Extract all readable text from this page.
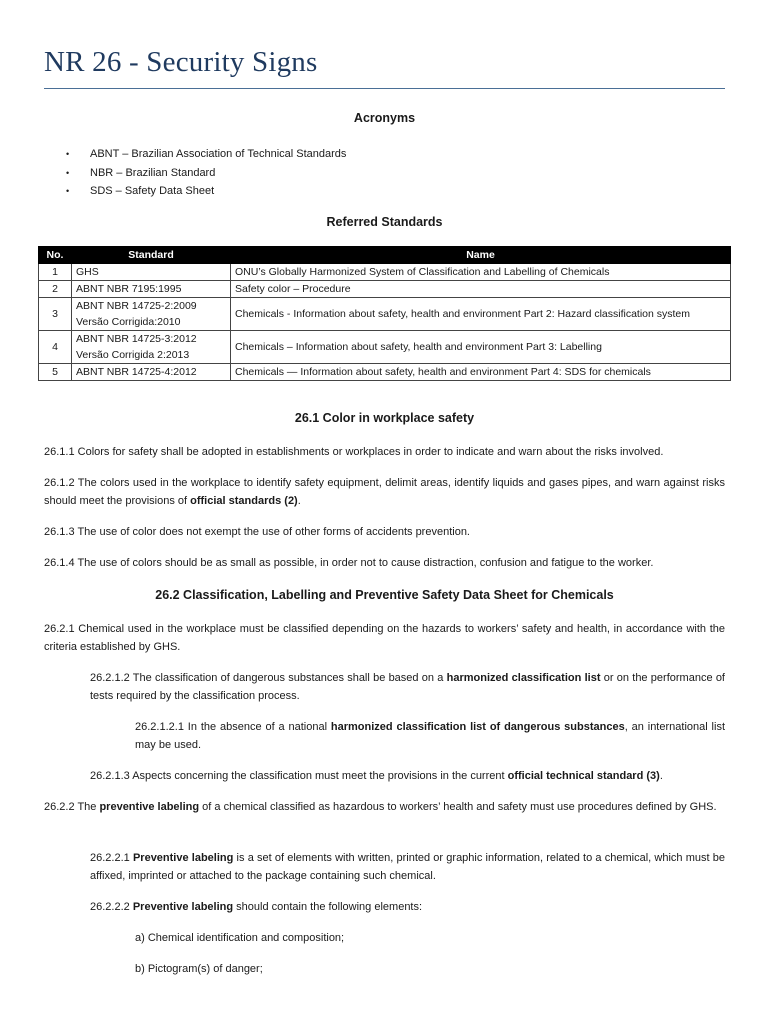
NR 26 - Security Signs
Acronyms
• ABNT – Brazilian Association of Technical Standards
• NBR – Brazilian Standard
• SDS – Safety Data Sheet
Referred Standards
No.	Standard	Name
1	GHS	ONU’s Globally Harmonized System of Classification and Labelling of Chemicals
2	ABNT NBR 7195:1995	Safety color – Procedure
3	ABNT NBR 14725-2:2009
Versão Corrigida:2010	Chemicals - Information about safety, health and environment Part 2: Hazard classification system
4	ABNT NBR 14725-3:2012
Versão Corrigida 2:2013	Chemicals – Information about safety, health and environment Part 3: Labelling
5	ABNT NBR 14725-4:2012	Chemicals — Information about safety, health and environment Part 4: SDS for chemicals
26.1 Color in workplace safety
26.1.1 Colors for safety shall be adopted in establishments or workplaces in order to indicate and warn about the risks involved.
26.1.2 The colors used in the workplace to identify safety equipment, delimit areas, identify liquids and gases pipes, and warn against risks should meet the provisions of official standards (2).
26.1.3 The use of color does not exempt the use of other forms of accidents prevention.
26.1.4 The use of colors should be as small as possible, in order not to cause distraction, confusion and fatigue to the worker.
26.2 Classification, Labelling and Preventive Safety Data Sheet for Chemicals
26.2.1 Chemical used in the workplace must be classified depending on the hazards to workers’ safety and health, in accordance with the criteria established by GHS.
26.2.1.2 The classification of dangerous substances shall be based on a harmonized classification list or on the performance of tests required by the classification process.
26.2.1.2.1 In the absence of a national harmonized classification list of dangerous substances, an international list may be used.
26.2.1.3 Aspects concerning the classification must meet the provisions in the current official technical standard (3).
26.2.2 The preventive labeling of a chemical classified as hazardous to workers’ health and safety must use procedures defined by GHS.
26.2.2.1 Preventive labeling is a set of elements with written, printed or graphic information, related to a chemical, which must be affixed, imprinted or attached to the package containing such chemical.
26.2.2.2 Preventive labeling should contain the following elements:
a) Chemical identification and composition;
b) Pictogram(s) of danger;
